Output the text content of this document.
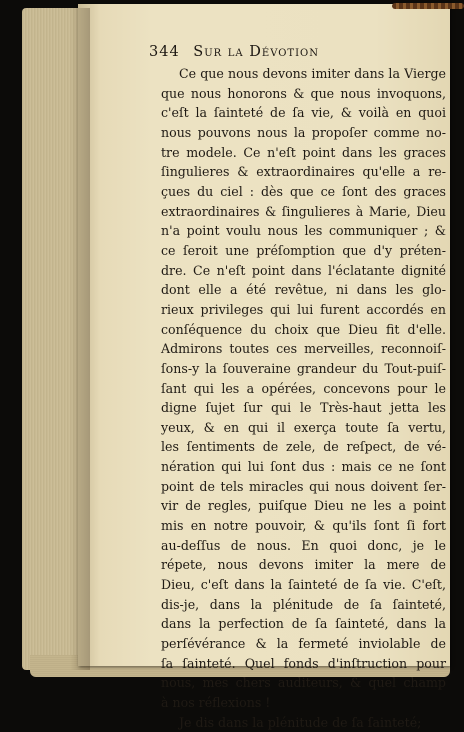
344 Sur la Dévotion
Ce que nous devons imiter dans la Vierge
que nous honorons & que nous invoquons,
c'eſt la ſainteté de ſa vie, & voilà en quoi
nous pouvons nous la propoſer comme no-
tre modele. Ce n'eſt point dans les graces
ſingulieres & extraordinaires qu'elle a re-
çues du ciel : dès que ce ſont des graces
extraordinaires & ſingulieres à Marie, Dieu
n'a point voulu nous les communiquer ; &
ce ſeroit une préſomption que d'y préten-
dre. Ce n'eſt point dans l'éclatante dignité
dont elle a été revêtue, ni dans les glo-
rieux privileges qui lui furent accordés en
conſéquence du choix que Dieu fit d'elle.
Admirons toutes ces merveilles, reconnoiſ-
ſons-y la ſouveraine grandeur du Tout-puiſ-
ſant qui les a opérées, concevons pour le
digne ſujet ſur qui le Très-haut jetta les
yeux, & en qui il exerça toute ſa vertu,
les ſentiments de zele, de reſpect, de vé-
nération qui lui ſont dus : mais ce ne ſont
point de tels miracles qui nous doivent ſer-
vir de regles, puiſque Dieu ne les a point
mis en notre pouvoir, & qu'ils ſont ſi fort
au-deſſus de nous. En quoi donc, je le
répete, nous devons imiter la mere de
Dieu, c'eſt dans la ſainteté de ſa vie. C'eſt,
dis-je, dans la plénitude de ſa ſainteté,
dans la perfection de ſa ſainteté, dans la
perſévérance & la fermeté inviolable de
ſa ſainteté. Quel fonds d'inſtruction pour
nous, mes chers auditeurs, & quel champ
à nos réflexions !
Je dis dans la plénitude de ſa ſainteté;
